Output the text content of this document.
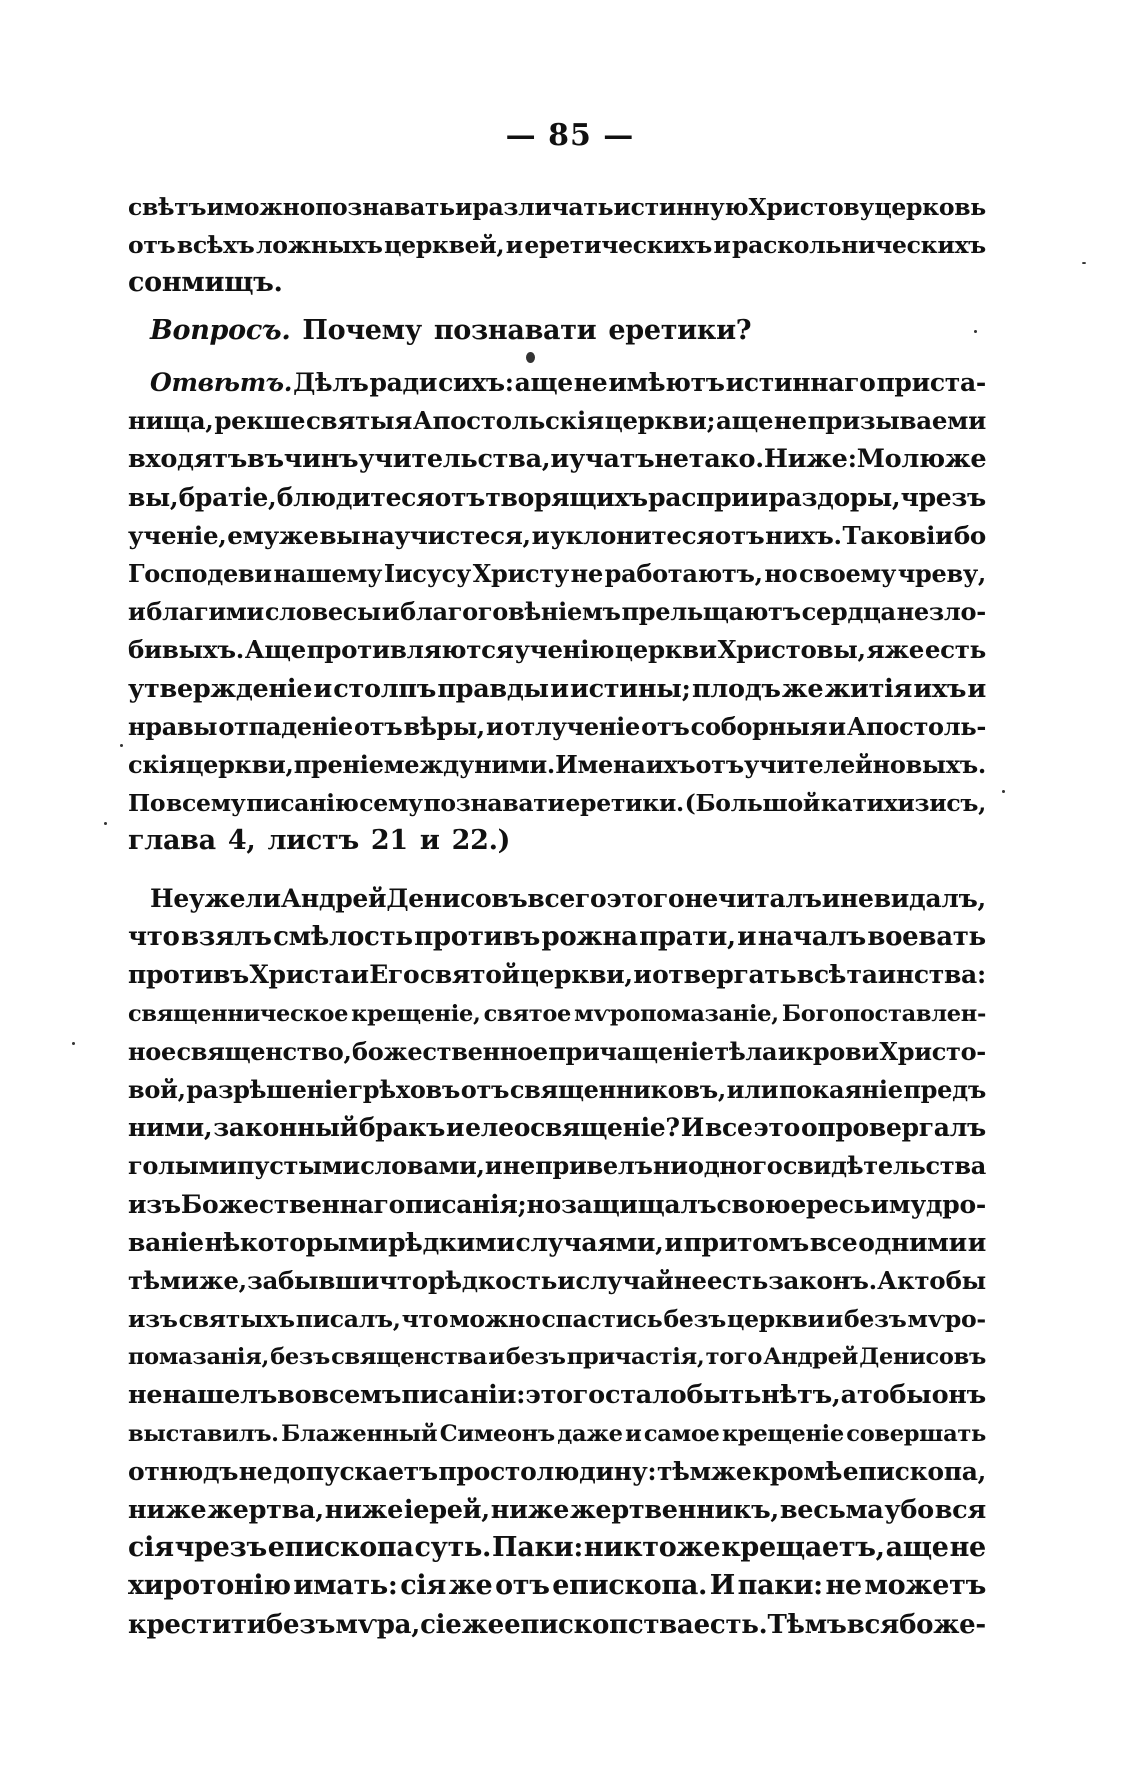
— 85 —
свѣтъ и можно познавать и различать истинную Христову церковь
отъ всѣхъ ложныхъ церквей, и еретическихъ и раскольническихъ
сонмищъ.
Вопросъ. Почему познавати еретики?
Отвѣтъ. Дѣлъ ради сихъ: аще не имѣютъ истиннаго приста-
нища, рекше святыя Апостольскія церкви; аще не призываеми
входятъ въ чинъ учительства, и учатъ не тако. Ниже: Молю же
вы, братіе, блюдитеся отъ творящихъ распри и раздоры, чрезъ
ученіе, емуже вы научистеся, и уклонитеся отъ нихъ. Таковіи бо
Господеви нашему Іисусу Христу не работаютъ, но своему чреву,
и благими словесы и благоговѣніемъ прельщаютъ сердца незло-
бивыхъ. Аще противляются ученію церкви Христовы, яже есть
утвержденіе и столпъ правды и истины; плодъ же житія ихъ и
нравы отпаденіе отъ вѣры, и отлученіе отъ соборныя и Апостоль-
скія церкви, преніе между ними. Имена ихъ отъ учителей новыхъ.
По всему писанію сему познавати еретики. (Большой катихизисъ,
глава 4, листъ 21 и 22.)
Неужели Андрей Денисовъ всего этого не читалъ и не видалъ,
что взялъ смѣлость противъ рожна прати, и началъ воевать
противъ Христа и Его святой церкви, и отвергать всѣ таинства:
священническое крещеніе, святое мѵропомазаніе, Богопоставлен-
ное священство, божественное причащеніе тѣла и крови Христо-
вой, разрѣшеніе грѣховъ отъ священниковъ, или покаяніе предъ
ними, законный бракъ и елеосвященіе? И все это опровергалъ
голыми пустыми словами, и не привелъ ни одного свидѣтельства
изъ Божественнаго писанія; но защищалъ свою ересь и мудро-
ваніе нѣкоторыми рѣдкими случаями, и притомъ все одними и
тѣми же, забывши что рѣдкость и случай не есть законъ. А кто бы
изъ святыхъ писалъ, что можно спастись безъ церкви и безъ мѵро-
помазанія, безъ священства и безъ причастія, того Андрей Денисовъ
не нашелъ во всемъ писаніи: этого стало быть нѣтъ, а то бы онъ
выставилъ. Блаженный Симеонъ даже и самое крещеніе совершать
отнюдъ не допускаетъ простолюдину: тѣмже кромѣ епископа,
ниже жертва, ниже іерей, ниже жертвенникъ, весьма убо вся
сія чрезъ епископа суть. Паки: никтоже крещаетъ, аще не
хиротонію имать: сія же отъ епископа. И паки: не можетъ
крестити безъ мѵра, сіе же епископства есть. Тѣмъ вся боже-
